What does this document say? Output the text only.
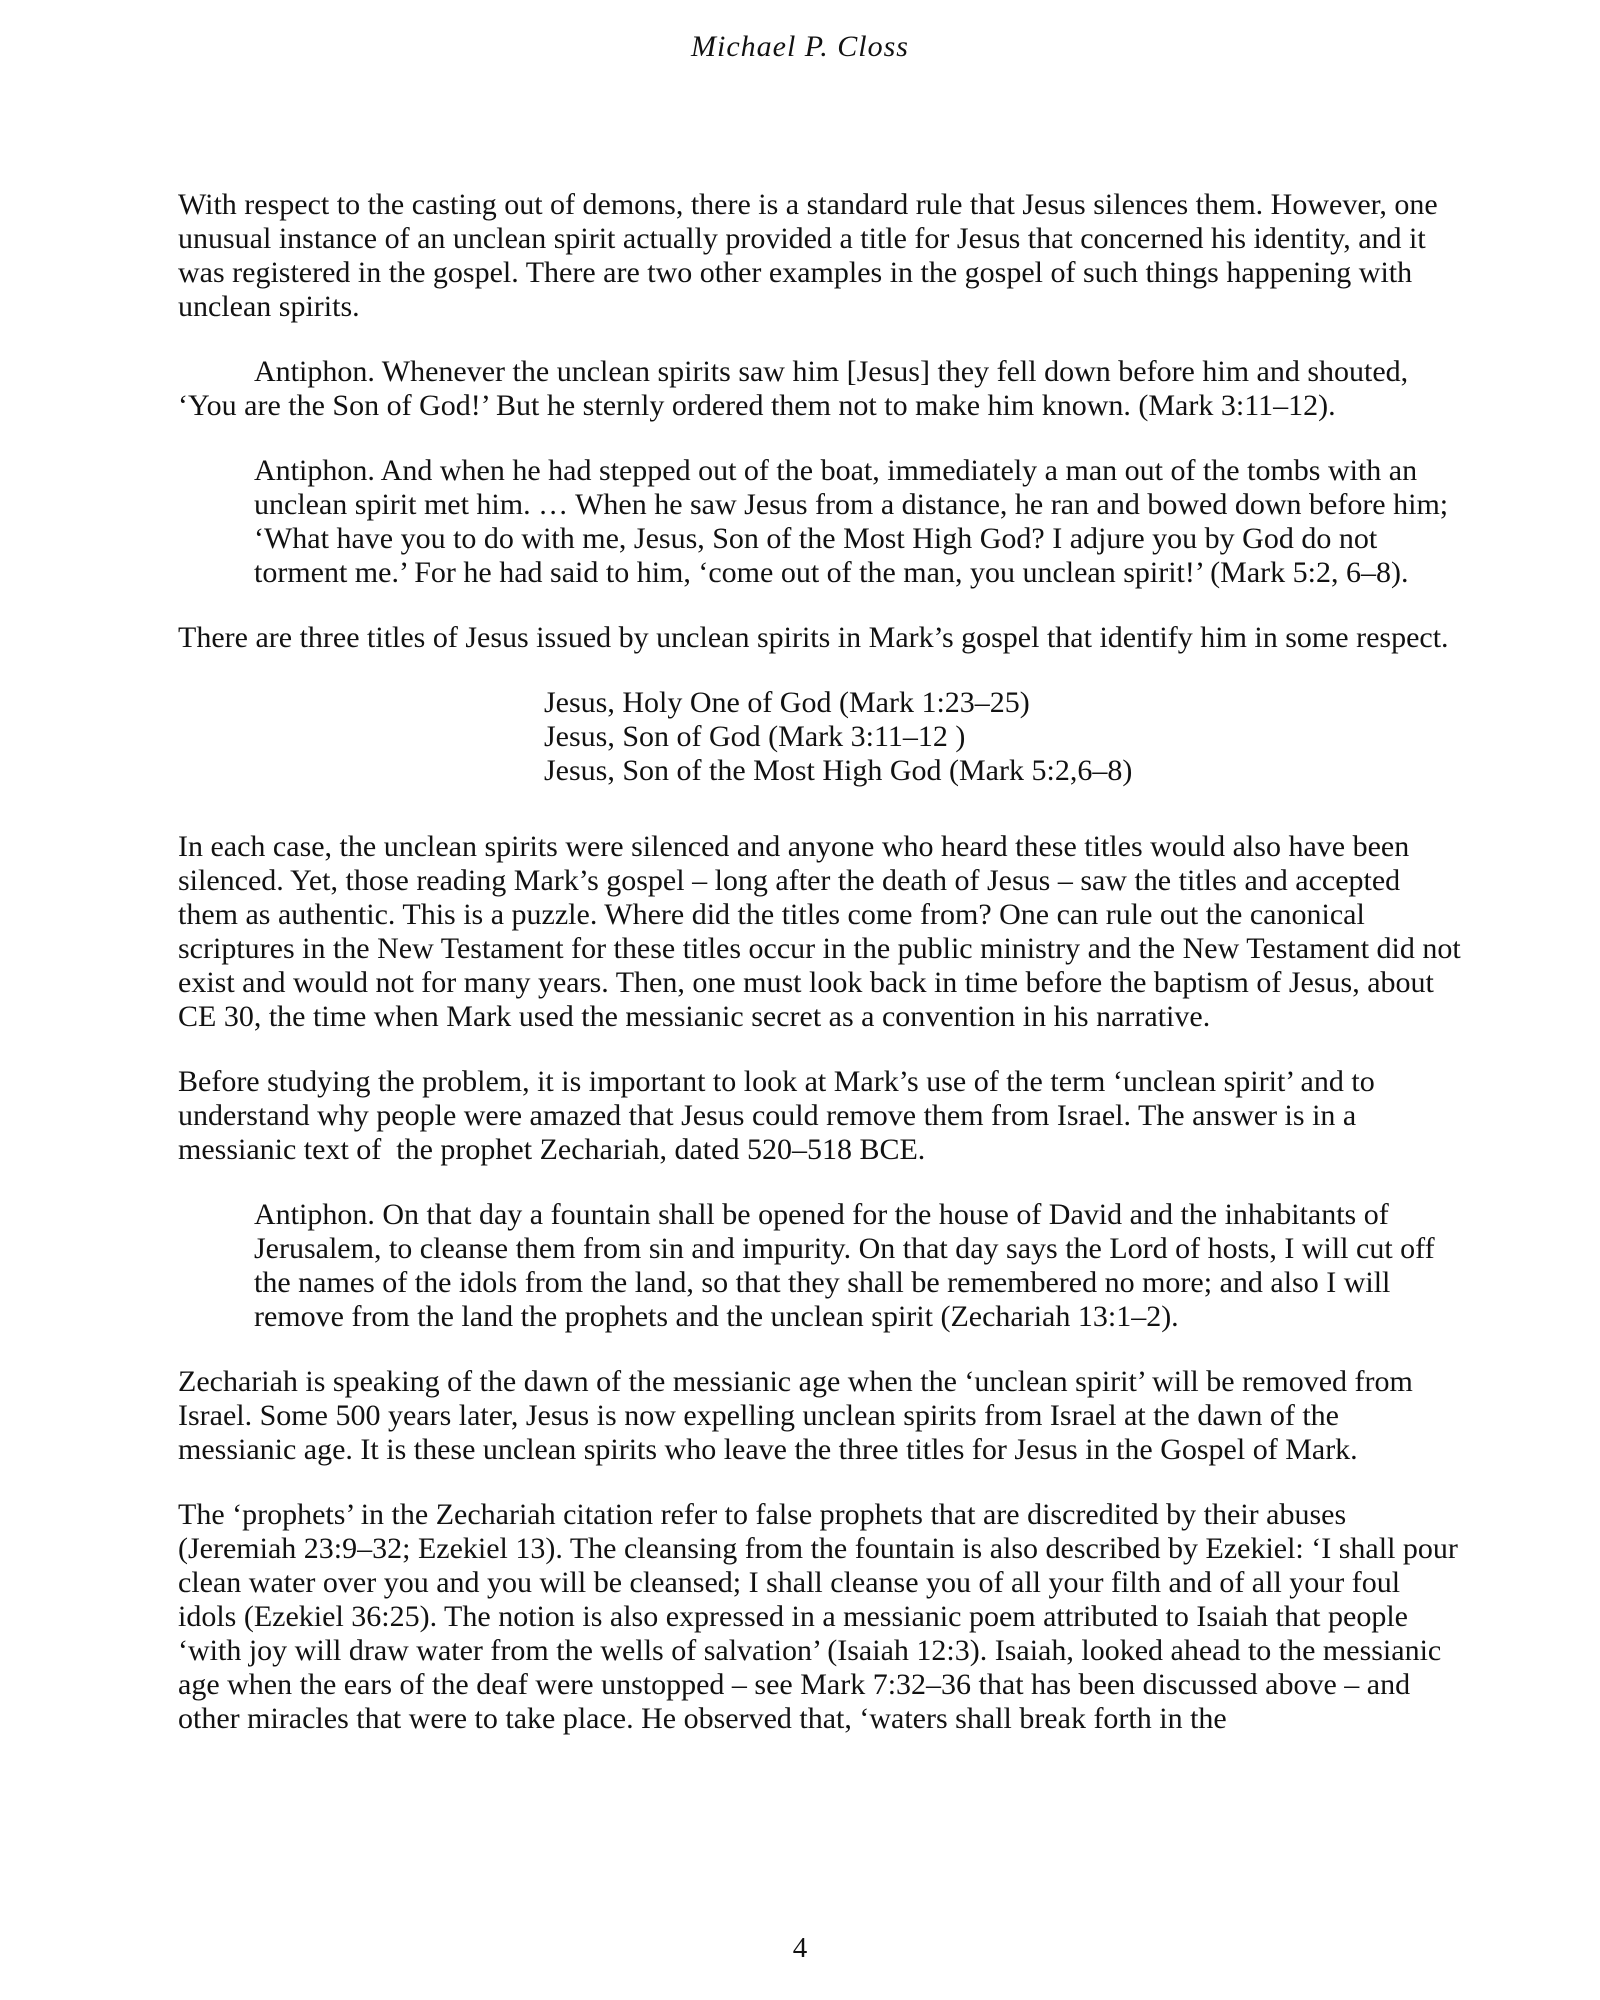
Michael P. Closs

With respect to the casting out of demons, there is a standard rule that Jesus silences them. However, one unusual instance of an unclean spirit actually provided a title for Jesus that concerned his identity, and it was registered in the gospel. There are two other examples in the gospel of such things happening with unclean spirits.

Antiphon. Whenever the unclean spirits saw him [Jesus] they fell down before him and shouted, ‘You are the Son of God!’ But he sternly ordered them not to make him known. (Mark 3:11–12).

Antiphon. And when he had stepped out of the boat, immediately a man out of the tombs with an unclean spirit met him. … When he saw Jesus from a distance, he ran and bowed down before him; ‘What have you to do with me, Jesus, Son of the Most High God? I adjure you by God do not torment me.’ For he had said to him, ‘come out of the man, you unclean spirit!’ (Mark 5:2, 6–8).

There are three titles of Jesus issued by unclean spirits in Mark’s gospel that identify him in some respect.

Jesus, Holy One of God (Mark 1:23–25)
Jesus, Son of God (Mark 3:11–12 )
Jesus, Son of the Most High God (Mark 5:2,6–8)

In each case, the unclean spirits were silenced and anyone who heard these titles would also have been silenced. Yet, those reading Mark’s gospel – long after the death of Jesus – saw the titles and accepted them as authentic. This is a puzzle. Where did the titles come from? One can rule out the canonical scriptures in the New Testament for these titles occur in the public ministry and the New Testament did not exist and would not for many years. Then, one must look back in time before the baptism of Jesus, about CE 30, the time when Mark used the messianic secret as a convention in his narrative.

Before studying the problem, it is important to look at Mark’s use of the term ‘unclean spirit’ and to understand why people were amazed that Jesus could remove them from Israel. The answer is in a messianic text of  the prophet Zechariah, dated 520–518 BCE.

Antiphon. On that day a fountain shall be opened for the house of David and the inhabitants of Jerusalem, to cleanse them from sin and impurity. On that day says the Lord of hosts, I will cut off the names of the idols from the land, so that they shall be remembered no more; and also I will remove from the land the prophets and the unclean spirit (Zechariah 13:1–2).

Zechariah is speaking of the dawn of the messianic age when the ‘unclean spirit’ will be removed from Israel. Some 500 years later, Jesus is now expelling unclean spirits from Israel at the dawn of the messianic age. It is these unclean spirits who leave the three titles for Jesus in the Gospel of Mark.

The ‘prophets’ in the Zechariah citation refer to false prophets that are discredited by their abuses (Jeremiah 23:9–32; Ezekiel 13). The cleansing from the fountain is also described by Ezekiel: ‘I shall pour clean water over you and you will be cleansed; I shall cleanse you of all your filth and of all your foul idols (Ezekiel 36:25). The notion is also expressed in a messianic poem attributed to Isaiah that people ‘with joy will draw water from the wells of salvation’ (Isaiah 12:3). Isaiah, looked ahead to the messianic age when the ears of the deaf were unstopped – see Mark 7:32–36 that has been discussed above – and other miracles that were to take place. He observed that, ‘waters shall break forth in the

4
